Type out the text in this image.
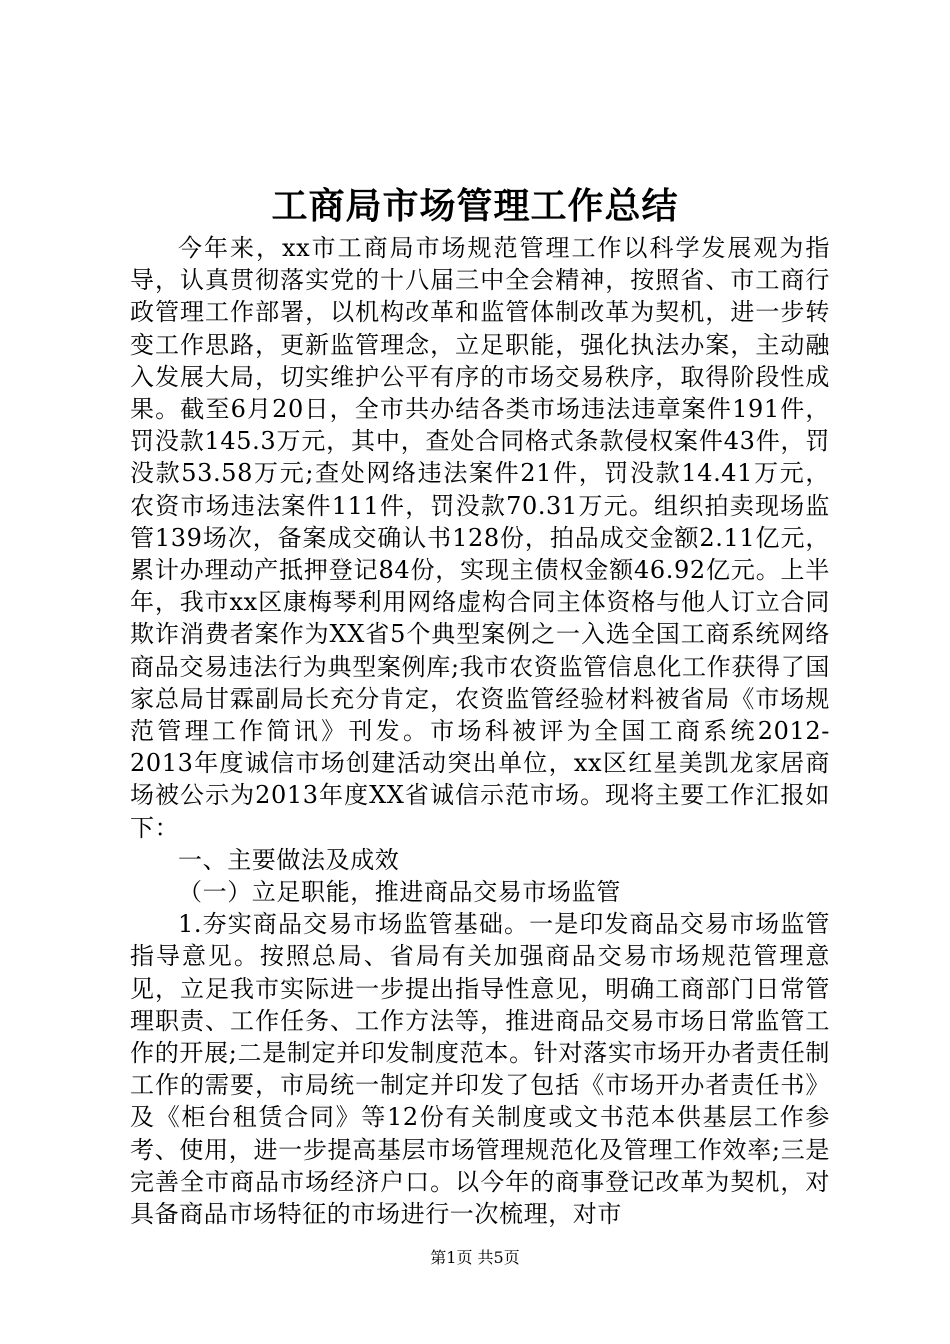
工商局市场管理工作总结

今年来，xx市工商局市场规范管理工作以科学发展观为指导，认真贯彻落实党的十八届三中全会精神，按照省、市工商行政管理工作部署，以机构改革和监管体制改革为契机，进一步转变工作思路，更新监管理念，立足职能，强化执法办案，主动融入发展大局，切实维护公平有序的市场交易秩序，取得阶段性成果。截至6月20日，全市共办结各类市场违法违章案件191件，罚没款145.3万元，其中，查处合同格式条款侵权案件43件，罚没款53.58万元;查处网络违法案件21件，罚没款14.41万元，农资市场违法案件111件，罚没款70.31万元。组织拍卖现场监管139场次，备案成交确认书128份，拍品成交金额2.11亿元，累计办理动产抵押登记84份，实现主债权金额46.92亿元。上半年，我市xx区康梅琴利用网络虚构合同主体资格与他人订立合同欺诈消费者案作为XX省5个典型案例之一入选全国工商系统网络商品交易违法行为典型案例库;我市农资监管信息化工作获得了国家总局甘霖副局长充分肯定，农资监管经验材料被省局《市场规范管理工作简讯》刊发。市场科被评为全国工商系统2012-2013年度诚信市场创建活动突出单位，xx区红星美凯龙家居商场被公示为2013年度XX省诚信示范市场。现将主要工作汇报如下：

一、主要做法及成效

（一）立足职能，推进商品交易市场监管

1.夯实商品交易市场监管基础。一是印发商品交易市场监管指导意见。按照总局、省局有关加强商品交易市场规范管理意见，立足我市实际进一步提出指导性意见，明确工商部门日常管理职责、工作任务、工作方法等，推进商品交易市场日常监管工作的开展;二是制定并印发制度范本。针对落实市场开办者责任制工作的需要，市局统一制定并印发了包括《市场开办者责任书》及《柜台租赁合同》等12份有关制度或文书范本供基层工作参考、使用，进一步提高基层市场管理规范化及管理工作效率;三是完善全市商品市场经济户口。以今年的商事登记改革为契机，对具备商品市场特征的市场进行一次梳理，对市

第1页 共5页
